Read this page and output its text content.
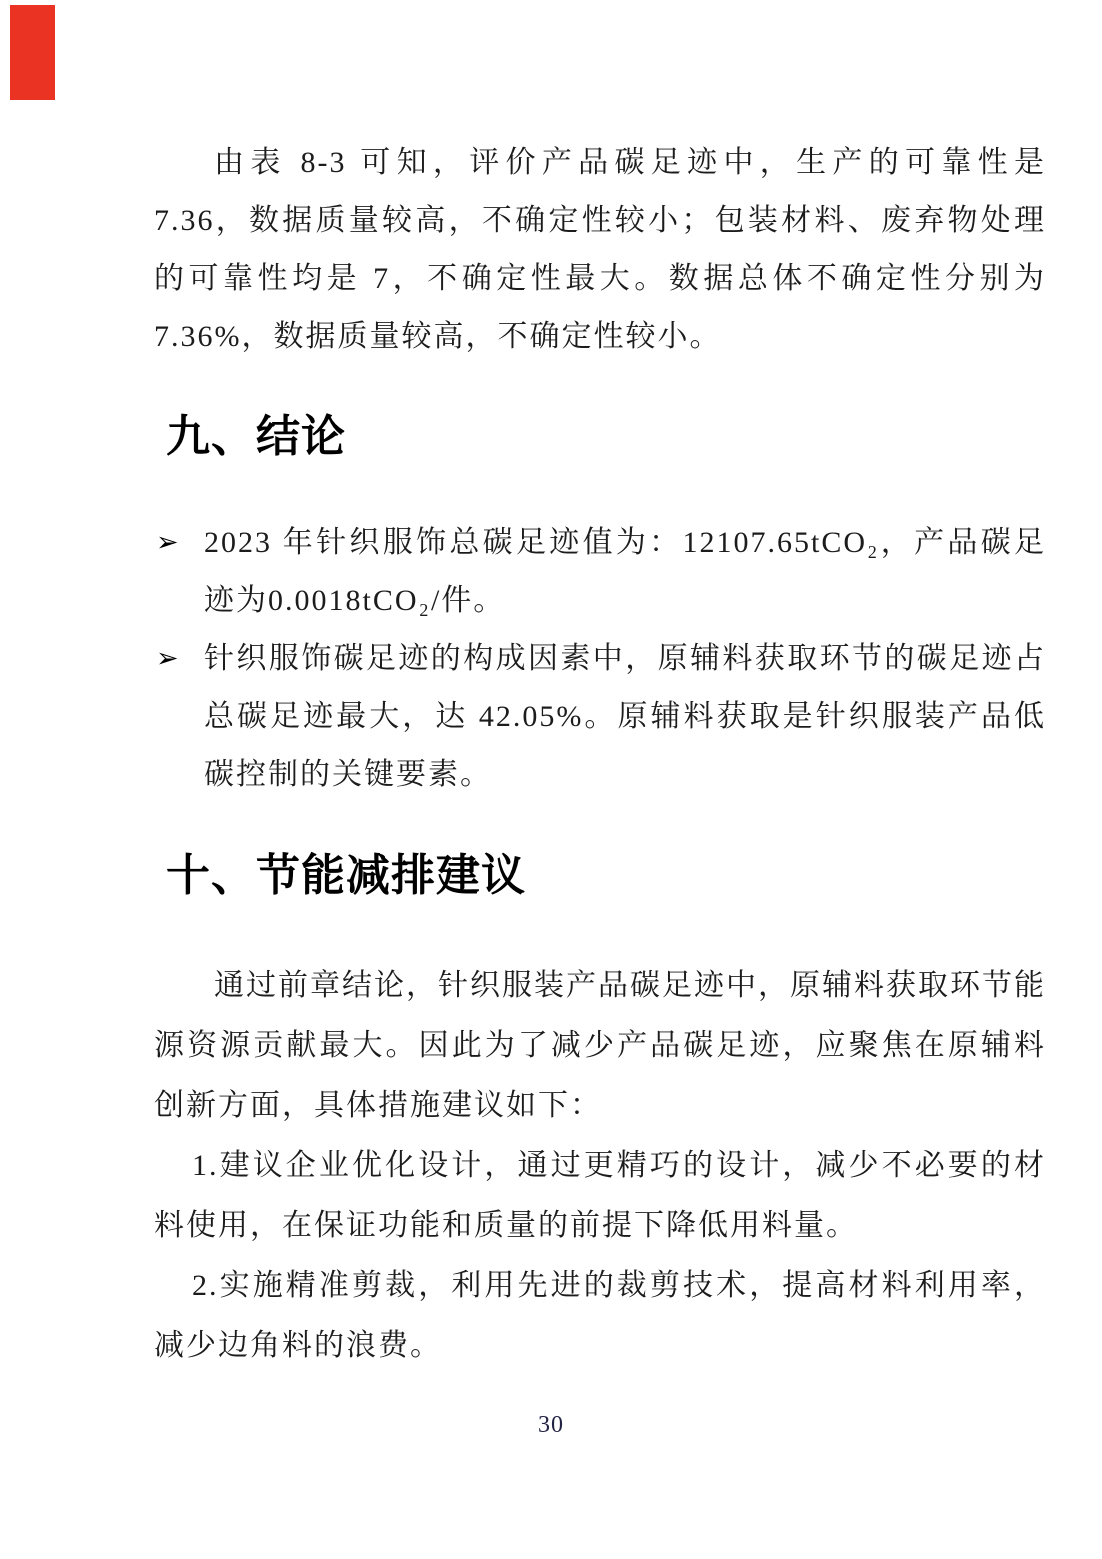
由表 8-3 可知，评价产品碳足迹中，生产的可靠性是 7.36，数据质量较高，不确定性较小；包装材料、废弃物处理的可靠性均是 7，不确定性最大。数据总体不确定性分别为 7.36%，数据质量较高，不确定性较小。

九、结论
➢ 2023 年针织服饰总碳足迹值为：12107.65tCO₂，产品碳足迹为0.0018tCO₂/件。
➢ 针织服饰碳足迹的构成因素中，原辅料获取环节的碳足迹占总碳足迹最大，达 42.05%。原辅料获取是针织服装产品低碳控制的关键要素。
十、节能减排建议

通过前章结论，针织服装产品碳足迹中，原辅料获取环节能源资源贡献最大。因此为了减少产品碳足迹，应聚焦在原辅料创新方面，具体措施建议如下：

1.建议企业优化设计，通过更精巧的设计，减少不必要的材料使用，在保证功能和质量的前提下降低用料量。

2.实施精准剪裁，利用先进的裁剪技术，提高材料利用率，减少边角料的浪费。

30
